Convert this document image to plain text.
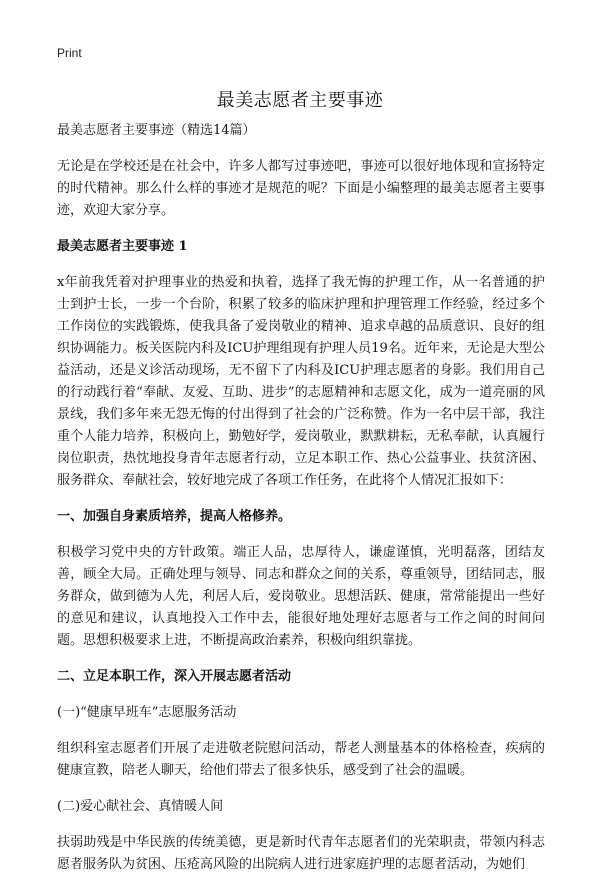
Print
最美志愿者主要事迹

最美志愿者主要事迹（精选14篇）

无论是在学校还是在社会中，许多人都写过事迹吧，事迹可以很好地体现和宣扬特定的时代精神。那么什么样的事迹才是规范的呢？下面是小编整理的最美志愿者主要事迹，欢迎大家分享。

最美志愿者主要事迹 1

x年前我凭着对护理事业的热爱和执着，选择了我无悔的护理工作，从一名普通的护士到护士长，一步一个台阶，积累了较多的临床护理和护理管理工作经验，经过多个工作岗位的实践锻炼，使我具备了爱岗敬业的精神、追求卓越的品质意识、良好的组织协调能力。板关医院内科及ICU护理组现有护理人员19名。近年来，无论是大型公益活动，还是义诊活动现场，无不留下了内科及ICU护理志愿者的身影。我们用自己的行动践行着“奉献、友爱、互助、进步”的志愿精神和志愿文化，成为一道亮丽的风景线，我们多年来无怨无悔的付出得到了社会的广泛称赞。作为一名中层干部，我注重个人能力培养，积极向上，勤勉好学，爱岗敬业，默默耕耘，无私奉献，认真履行岗位职责，热忱地投身青年志愿者行动，立足本职工作、热心公益事业、扶贫济困、服务群众、奉献社会，较好地完成了各项工作任务，在此将个人情况汇报如下：

一、加强自身素质培养，提高人格修养。

积极学习党中央的方针政策。端正人品，忠厚待人，谦虚谨慎，光明磊落，团结友善，顾全大局。正确处理与领导、同志和群众之间的关系，尊重领导，团结同志，服务群众，做到德为人先，利居人后，爱岗敬业。思想活跃、健康，常常能提出一些好的意见和建议，认真地投入工作中去，能很好地处理好志愿者与工作之间的时间问题。思想积极要求上进，不断提高政治素养，积极向组织靠拢。

二、立足本职工作，深入开展志愿者活动

(一)“健康早班车”志愿服务活动

组织科室志愿者们开展了走进敬老院慰问活动，帮老人测量基本的体格检查，疾病的健康宣教，陪老人聊天，给他们带去了很多快乐，感受到了社会的温暖。

(二)爱心献社会、真情暖人间

扶弱助残是中华民族的传统美德，更是新时代青年志愿者们的光荣职责，带领内科志愿者服务队为贫困、压疮高风险的出院病人进行进家庭护理的志愿者活动，为她们
